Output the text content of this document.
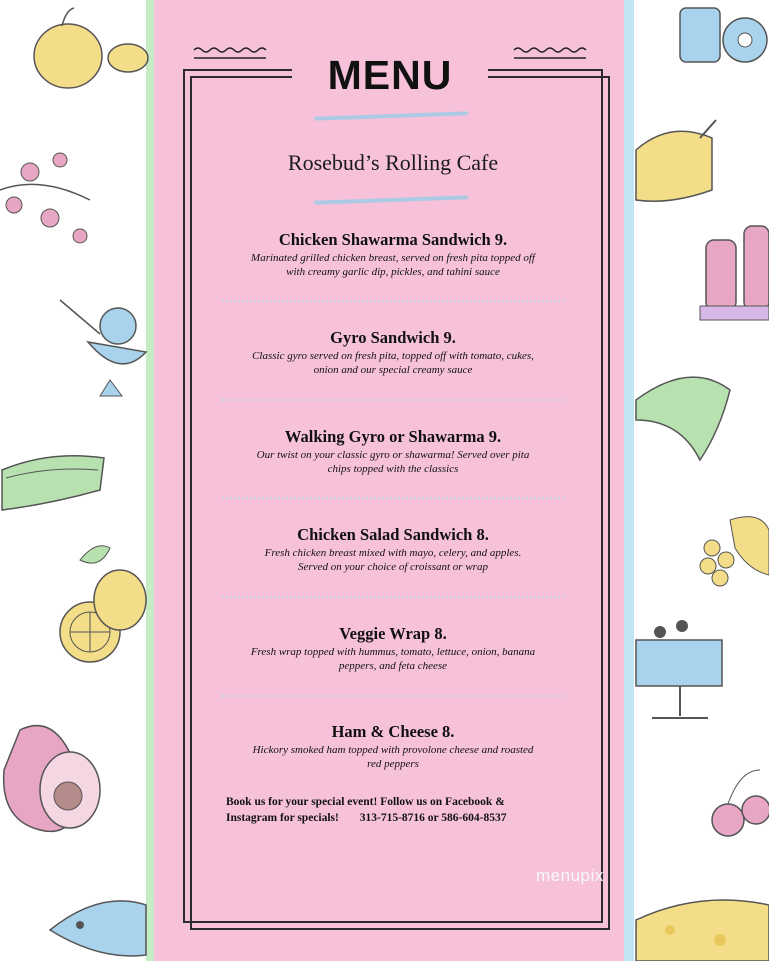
MENU
Rosebud’s Rolling Cafe
Chicken Shawarma Sandwich 9.
Marinated grilled chicken breast, served on fresh pita topped off
with creamy garlic dip, pickles, and tahini sauce
Gyro Sandwich 9.
Classic gyro served on fresh pita, topped off with tomato, cukes,
onion and our special creamy sauce
Walking Gyro or Shawarma 9.
Our twist on your classic gyro or shawarma! Served over pita
chips topped with the classics
Chicken Salad Sandwich 8.
Fresh chicken breast mixed with mayo, celery, and apples.
Served on your choice of croissant or wrap
Veggie Wrap 8.
Fresh wrap topped with hummus, tomato, lettuce, onion, banana
peppers, and feta cheese
Ham & Cheese 8.
Hickory smoked ham topped with provolone cheese and roasted
red peppers
Book us for your special event! Follow us on Facebook &
Instagram for specials! 313-715-8716 or 586-604-8537
menupix
